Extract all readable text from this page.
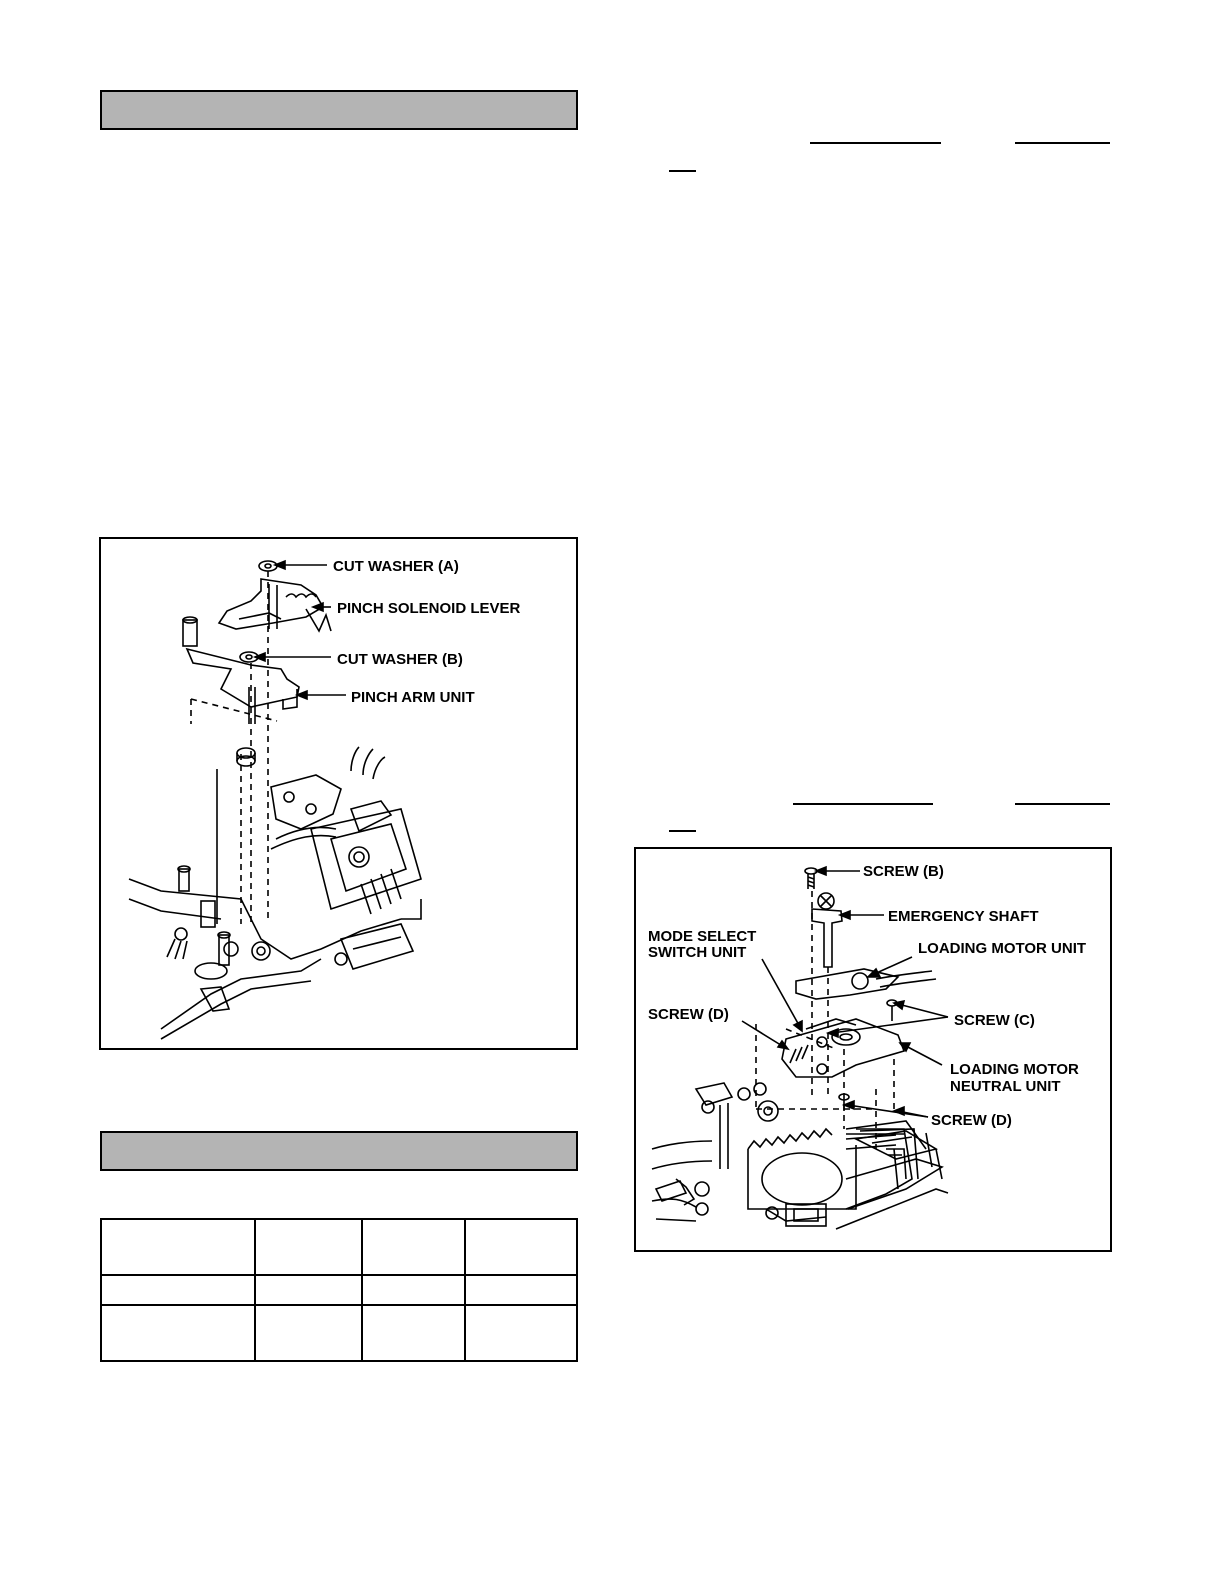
CUT WASHER (A)
PINCH SOLENOID LEVER
CUT WASHER (B)
PINCH ARM UNIT
SCREW (B)
EMERGENCY SHAFT
MODE SELECT
SWITCH UNIT	LOADING MOTOR UNIT
SCREW (D)	SCREW (C)
LOADING MOTOR
NEUTRAL UNIT
SCREW (D)
